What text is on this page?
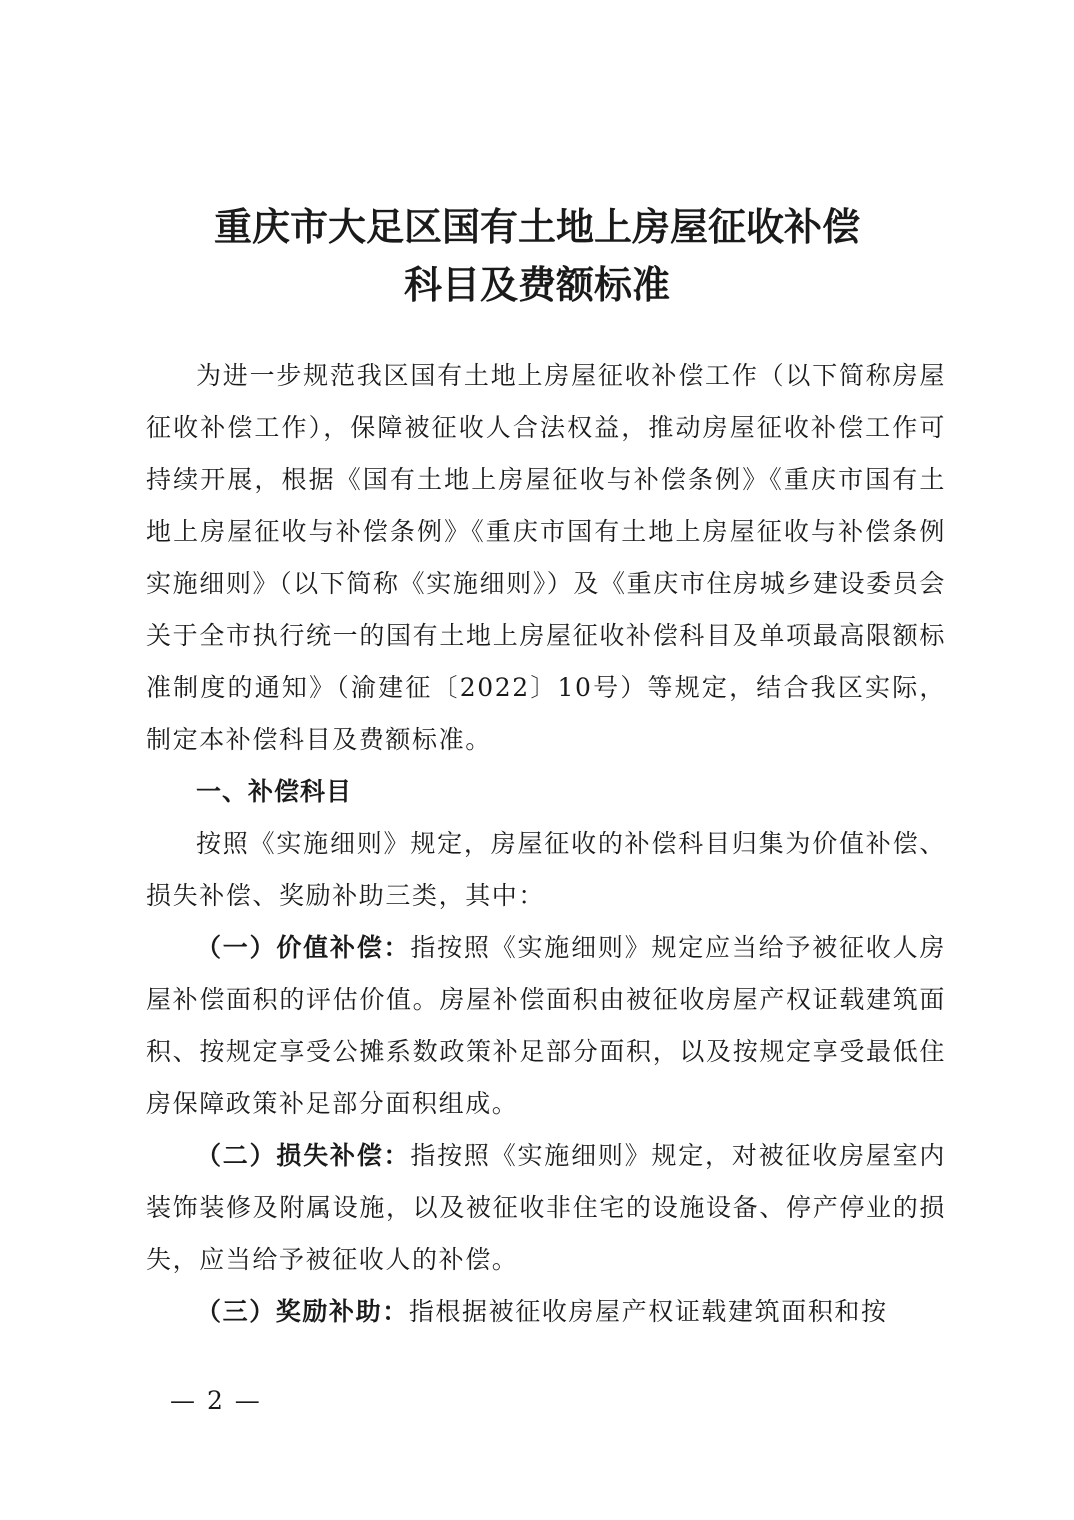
重庆市大足区国有土地上房屋征收补偿
科目及费额标准

为进一步规范我区国有土地上房屋征收补偿工作（以下简称房屋征收补偿工作），保障被征收人合法权益，推动房屋征收补偿工作可持续开展，根据《国有土地上房屋征收与补偿条例》《重庆市国有土地上房屋征收与补偿条例》《重庆市国有土地上房屋征收与补偿条例实施细则》（以下简称《实施细则》）及《重庆市住房城乡建设委员会关于全市执行统一的国有土地上房屋征收补偿科目及单项最高限额标准制度的通知》（渝建征〔2022〕10号）等规定，结合我区实际，制定本补偿科目及费额标准。

一、补偿科目

按照《实施细则》规定，房屋征收的补偿科目归集为价值补偿、损失补偿、奖励补助三类，其中：

（一）价值补偿：指按照《实施细则》规定应当给予被征收人房屋补偿面积的评估价值。房屋补偿面积由被征收房屋产权证载建筑面积、按规定享受公摊系数政策补足部分面积，以及按规定享受最低住房保障政策补足部分面积组成。

（二）损失补偿：指按照《实施细则》规定，对被征收房屋室内装饰装修及附属设施，以及被征收非住宅的设施设备、停产停业的损失，应当给予被征收人的补偿。

（三）奖励补助：指根据被征收房屋产权证载建筑面积和按

— 2 —
